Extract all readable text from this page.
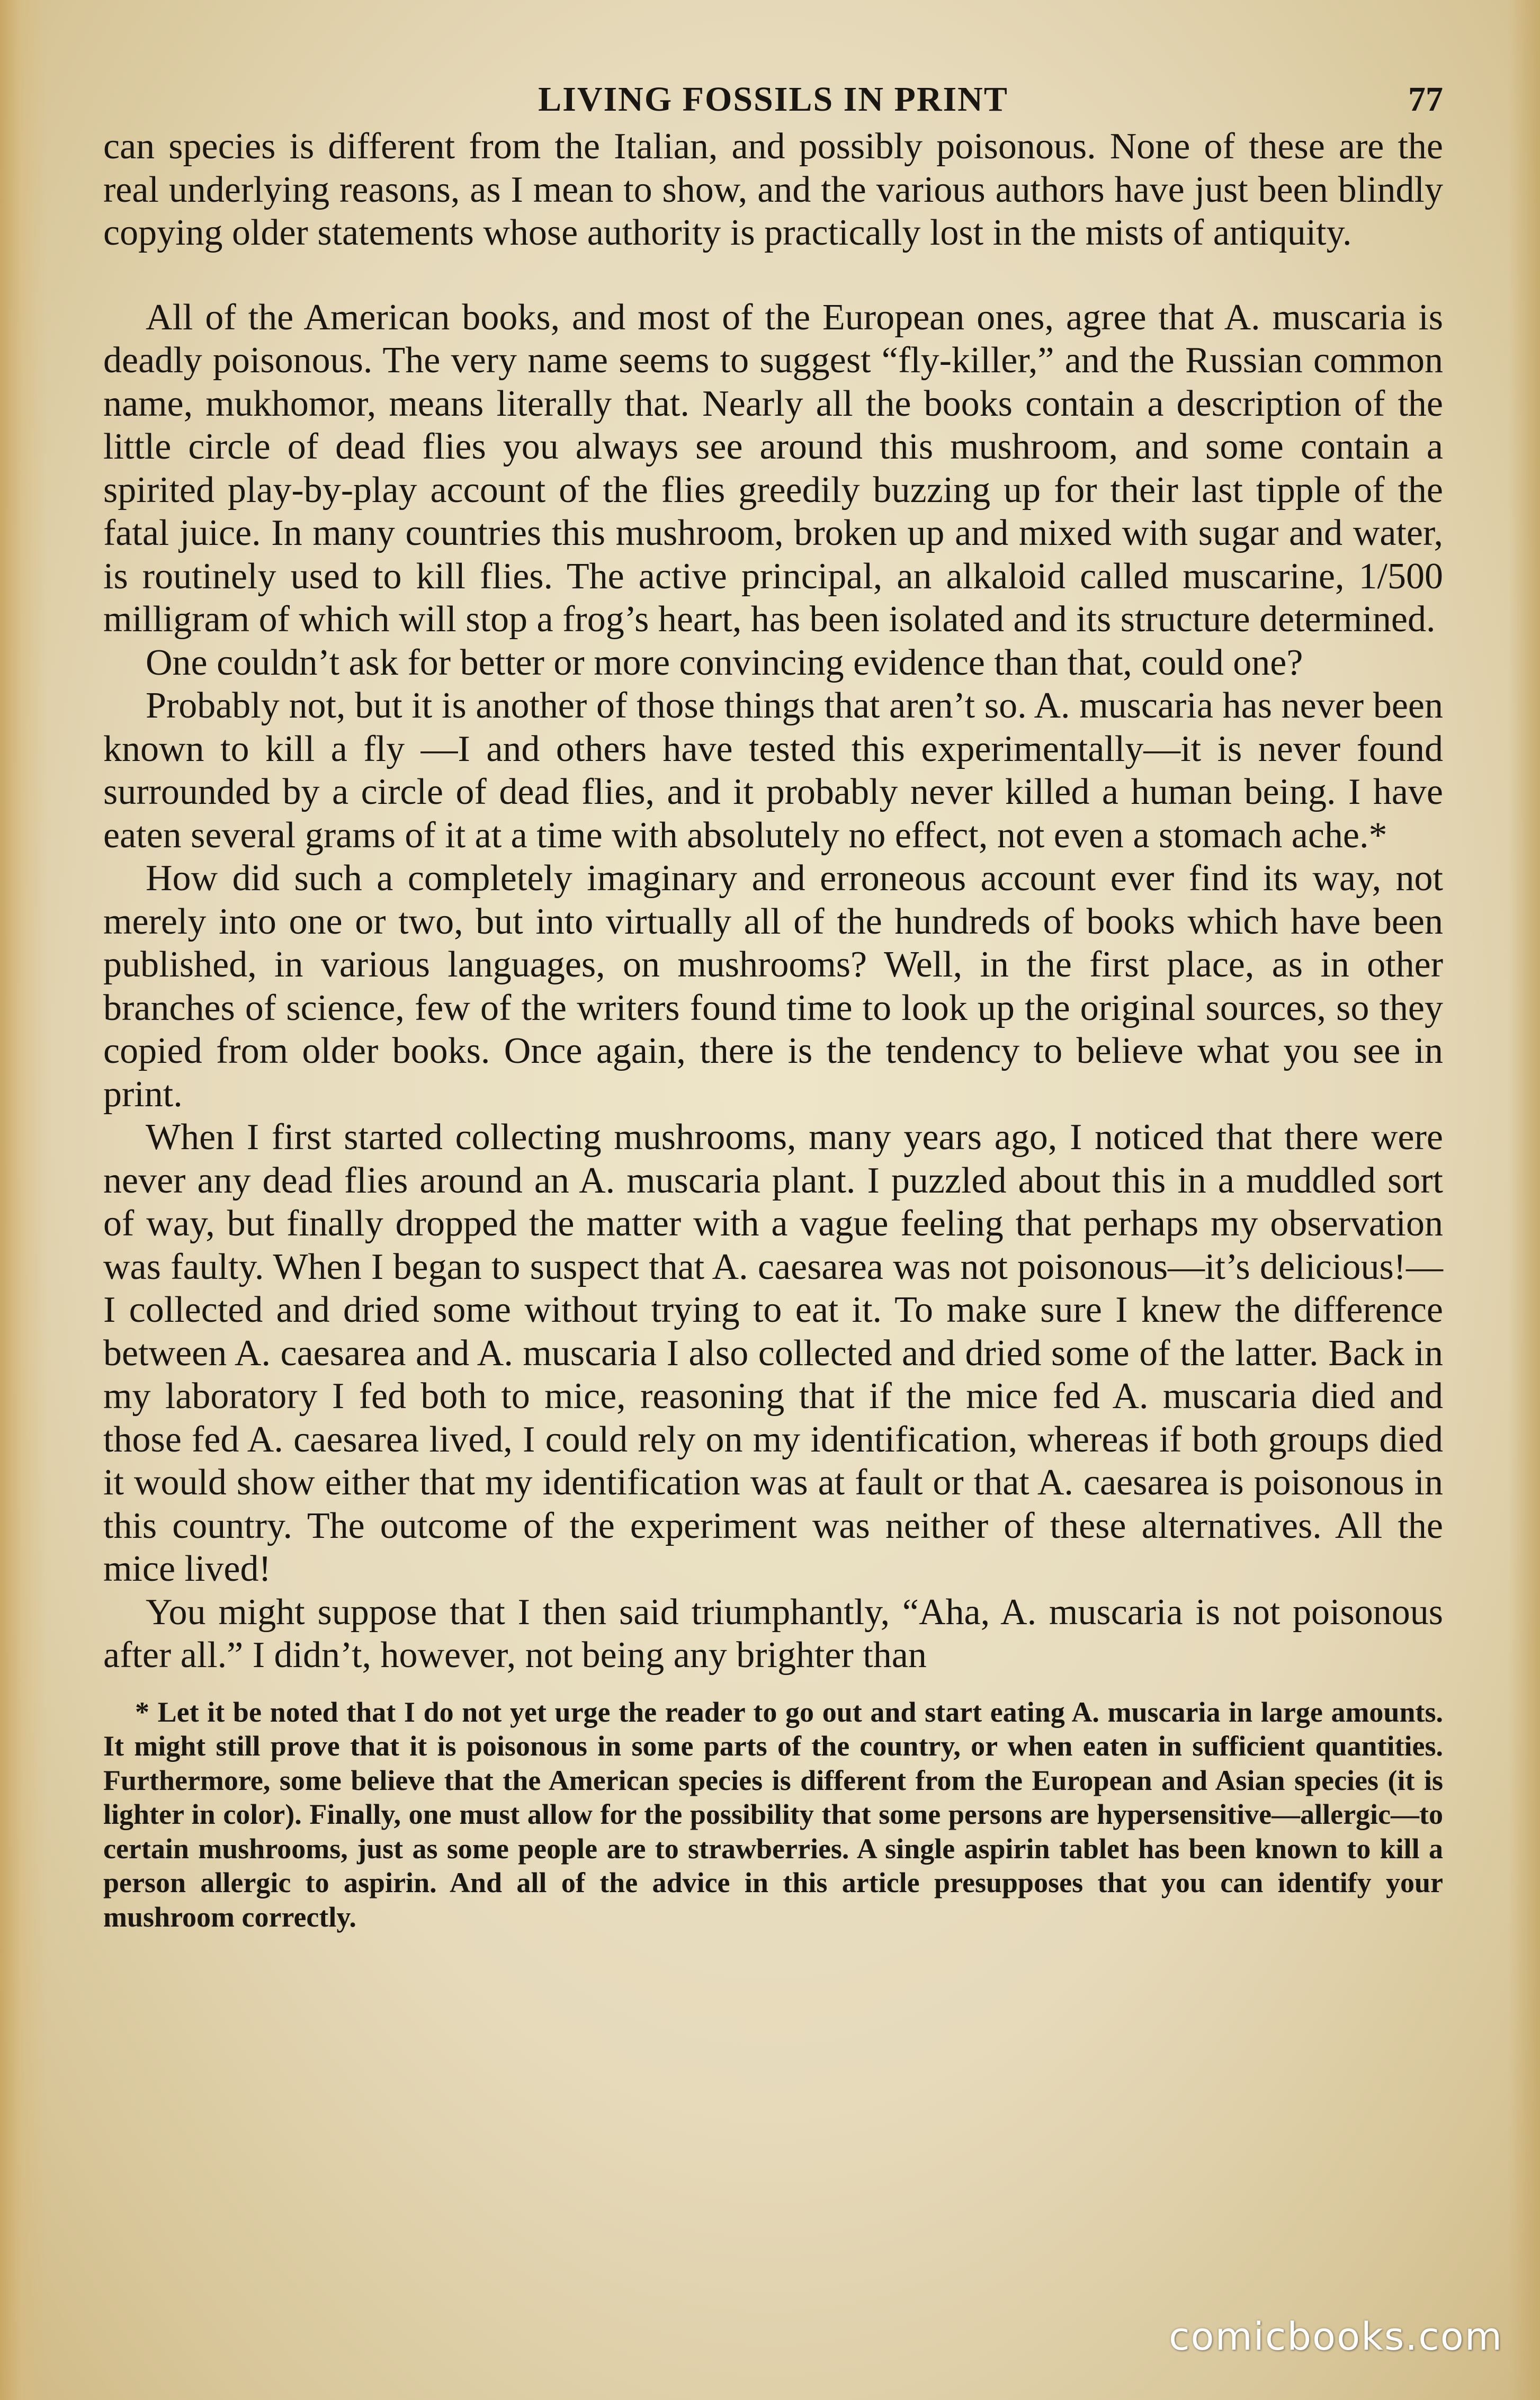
LIVING FOSSILS IN PRINT	77

can species is different from the Italian, and possibly poisonous. None of these are the real underlying reasons, as I mean to show, and the various authors have just been blindly copying older statements whose authority is practically lost in the mists of antiquity.

All of the American books, and most of the European ones, agree that A. muscaria is deadly poisonous. The very name seems to suggest “fly-killer,” and the Russian common name, mukhomor, means literally that. Nearly all the books contain a description of the little circle of dead flies you always see around this mushroom, and some contain a spirited play-by-play account of the flies greedily buzzing up for their last tipple of the fatal juice. In many countries this mushroom, broken up and mixed with sugar and water, is routinely used to kill flies. The active principal, an alkaloid called muscarine, 1/500 milligram of which will stop a frog’s heart, has been isolated and its structure determined.

One couldn’t ask for better or more convincing evidence than that, could one?

Probably not, but it is another of those things that aren’t so. A. muscaria has never been known to kill a fly —I and others have tested this experimentally—it is never found surrounded by a circle of dead flies, and it probably never killed a human being. I have eaten several grams of it at a time with absolutely no effect, not even a stomach ache.*

How did such a completely imaginary and erroneous account ever find its way, not merely into one or two, but into virtually all of the hundreds of books which have been published, in various languages, on mushrooms? Well, in the first place, as in other branches of science, few of the writers found time to look up the original sources, so they copied from older books. Once again, there is the tendency to believe what you see in print.

When I first started collecting mushrooms, many years ago, I noticed that there were never any dead flies around an A. muscaria plant. I puzzled about this in a muddled sort of way, but finally dropped the matter with a vague feeling that perhaps my observation was faulty. When I began to suspect that A. caesarea was not poisonous—it’s delicious!—I collected and dried some without trying to eat it. To make sure I knew the difference between A. caesarea and A. muscaria I also collected and dried some of the latter. Back in my laboratory I fed both to mice, reasoning that if the mice fed A. muscaria died and those fed A. caesarea lived, I could rely on my identification, whereas if both groups died it would show either that my identification was at fault or that A. caesarea is poisonous in this country. The outcome of the experiment was neither of these alternatives. All the mice lived!

You might suppose that I then said triumphantly, “Aha, A. muscaria is not poisonous after all.” I didn’t, however, not being any brighter than

* Let it be noted that I do not yet urge the reader to go out and start eating A. muscaria in large amounts. It might still prove that it is poisonous in some parts of the country, or when eaten in sufficient quantities. Furthermore, some believe that the American species is different from the European and Asian species (it is lighter in color). Finally, one must allow for the possibility that some persons are hypersensitive—allergic—to certain mushrooms, just as some people are to strawberries. A single aspirin tablet has been known to kill a person allergic to aspirin. And all of the advice in this article presupposes that you can identify your mushroom correctly.
comicbooks.com
